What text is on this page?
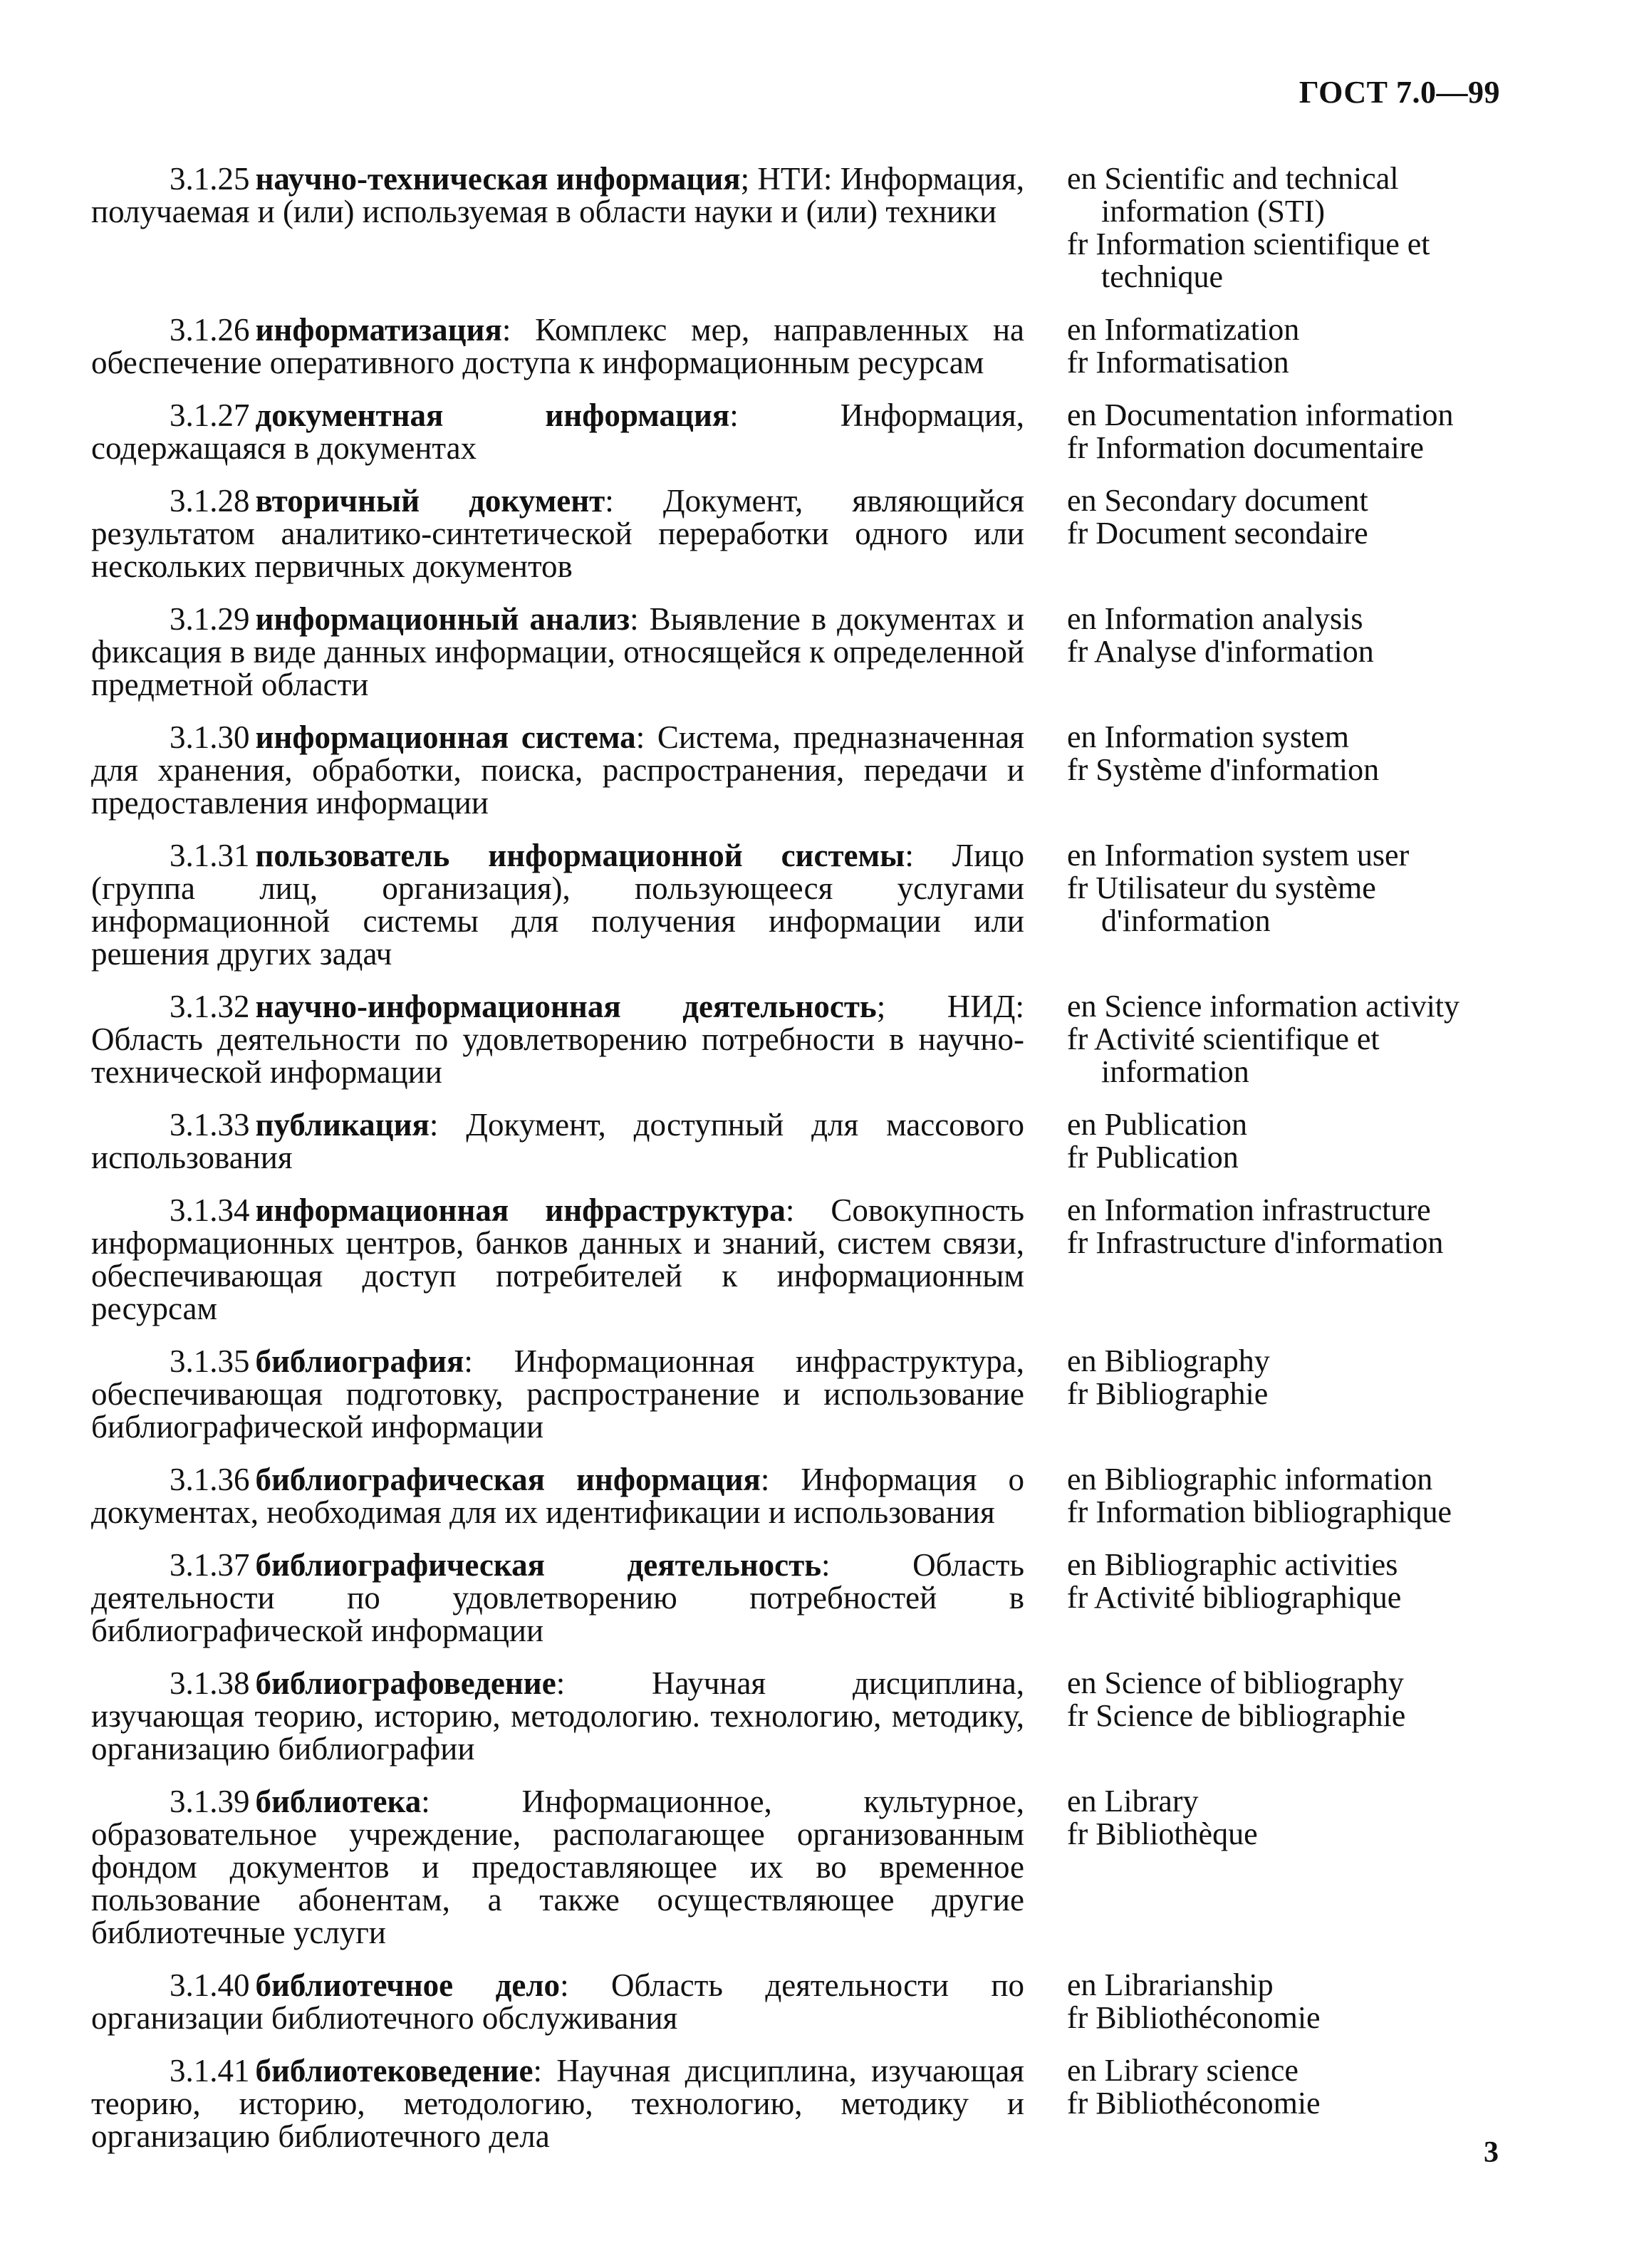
ГОСТ 7.0—99
3.1.25 научно-техническая информация; НТИ: Информация, получаемая и (или) используемая в области науки и (или) техники
en Scientific and technical information (STI)
fr Information scientifique et technique
3.1.26 информатизация: Комплекс мер, направленных на обеспечение оперативного доступа к информационным ресурсам
en Informatization
fr Informatisation
3.1.27 документная информация: Информация, содержащаяся в документах
en Documentation information
fr Information documentaire
3.1.28 вторичный документ: Документ, являющийся результатом аналитико-синтетической переработки одного или нескольких первичных документов
en Secondary document
fr Document secondaire
3.1.29 информационный анализ: Выявление в документах и фиксация в виде данных информации, относящейся к определенной предметной области
en Information analysis
fr Analyse d'information
3.1.30 информационная система: Система, предназначенная для хранения, обработки, поиска, распространения, передачи и предоставления информации
en Information system
fr Système d'information
3.1.31 пользователь информационной системы: Лицо (группа лиц, организация), пользующееся услугами информационной системы для получения информации или решения других задач
en Information system user
fr Utilisateur du système d'information
3.1.32 научно-информационная деятельность; НИД: Область деятельности по удовлетворению потребности в научно-технической информации
en Science information activity
fr Activité scientifique et information
3.1.33 публикация: Документ, доступный для массового использования
en Publication
fr Publication
3.1.34 информационная инфраструктура: Совокупность информационных центров, банков данных и знаний, систем связи, обеспечивающая доступ потребителей к информационным ресурсам
en Information infrastructure
fr Infrastructure d'information
3.1.35 библиография: Информационная инфраструктура, обеспечивающая подготовку, распространение и использование библиографической информации
en Bibliography
fr Bibliographie
3.1.36 библиографическая информация: Информация о документах, необходимая для их идентификации и использования
en Bibliographic information
fr Information bibliographique
3.1.37 библиографическая деятельность: Область деятельности по удовлетворению потребностей в библиографической информации
en Bibliographic activities
fr Activité bibliographique
3.1.38 библиографоведение: Научная дисциплина, изучающая теорию, историю, методологию. технологию, методику, организацию библиографии
en Science of bibliography
fr Science de bibliographie
3.1.39 библиотека: Информационное, культурное, образовательное учреждение, располагающее организованным фондом документов и предоставляющее их во временное пользование абонентам, а также осуществляющее другие библиотечные услуги
en Library
fr Bibliothèque
3.1.40 библиотечное дело: Область деятельности по организации библиотечного обслуживания
en Librarianship
fr Bibliothéconomie
3.1.41 библиотековедение: Научная дисциплина, изучающая теорию, историю, методологию, технологию, методику и организацию библиотечного дела
en Library science
fr Bibliothéconomie
3
